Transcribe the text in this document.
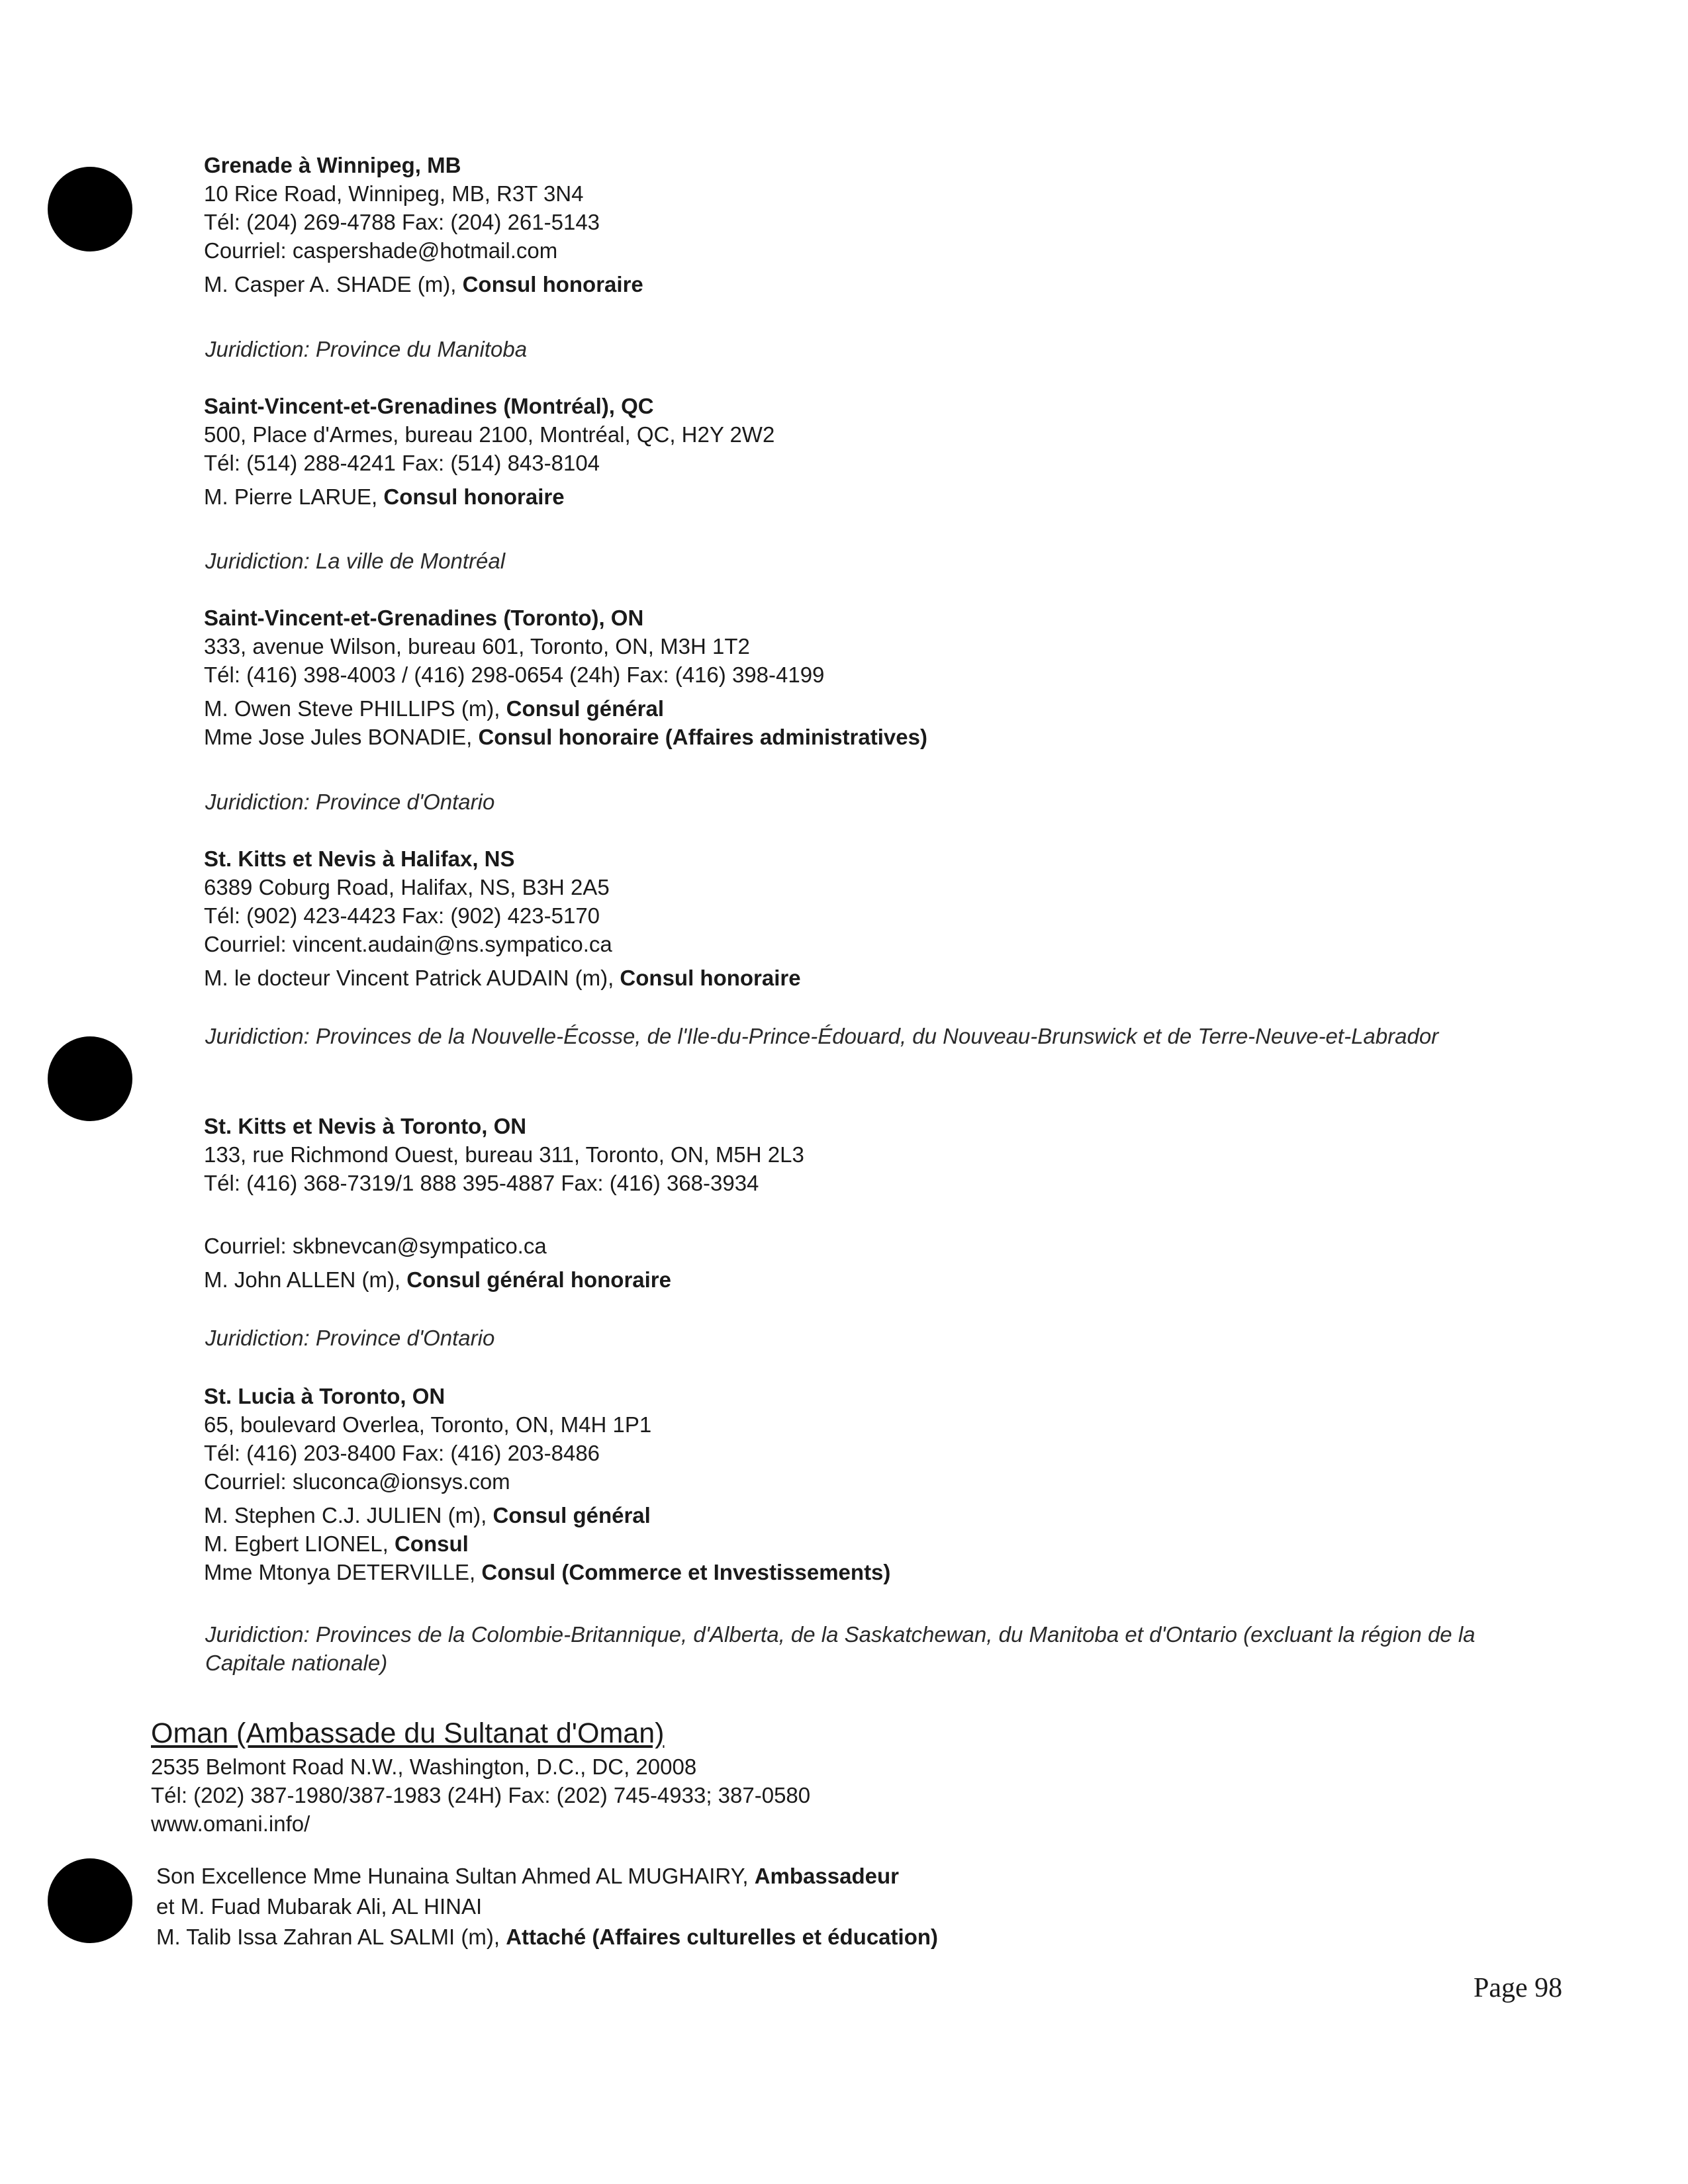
Grenade à Winnipeg, MB
10 Rice Road, Winnipeg, MB, R3T 3N4
Tél: (204) 269-4788 Fax: (204) 261-5143
Courriel: caspershade@hotmail.com
M. Casper A. SHADE (m), Consul honoraire
Juridiction: Province du Manitoba
Saint-Vincent-et-Grenadines (Montréal), QC
500, Place d'Armes, bureau 2100, Montréal, QC, H2Y 2W2
Tél: (514) 288-4241 Fax: (514) 843-8104
M. Pierre LARUE, Consul honoraire
Juridiction: La ville de Montréal
Saint-Vincent-et-Grenadines (Toronto), ON
333, avenue Wilson, bureau 601, Toronto, ON, M3H 1T2
Tél: (416) 398-4003 / (416) 298-0654 (24h) Fax: (416) 398-4199
M. Owen Steve PHILLIPS (m), Consul général
Mme Jose Jules BONADIE, Consul honoraire (Affaires administratives)
Juridiction: Province d'Ontario
St. Kitts et Nevis à Halifax, NS
6389 Coburg Road, Halifax, NS, B3H 2A5
Tél: (902) 423-4423 Fax: (902) 423-5170
Courriel: vincent.audain@ns.sympatico.ca
M. le docteur Vincent Patrick AUDAIN (m), Consul honoraire
Juridiction: Provinces de la Nouvelle-Écosse, de l'Ile-du-Prince-Édouard, du Nouveau-Brunswick et de Terre-Neuve-et-Labrador
St. Kitts et Nevis à Toronto, ON
133, rue Richmond Ouest, bureau 311, Toronto, ON, M5H 2L3
Tél: (416) 368-7319/1 888 395-4887 Fax: (416) 368-3934
Courriel: skbnevcan@sympatico.ca
M. John ALLEN (m), Consul général honoraire
Juridiction: Province d'Ontario
St. Lucia à Toronto, ON
65, boulevard Overlea, Toronto, ON, M4H 1P1
Tél: (416) 203-8400 Fax: (416) 203-8486
Courriel: sluconca@ionsys.com
M. Stephen C.J. JULIEN (m), Consul général
M. Egbert LIONEL, Consul
Mme Mtonya DETERVILLE, Consul (Commerce et Investissements)
Juridiction: Provinces de la Colombie-Britannique, d'Alberta, de la Saskatchewan, du Manitoba et d'Ontario (excluant la région de la Capitale nationale)
Oman (Ambassade du Sultanat d'Oman)
2535 Belmont Road N.W., Washington, D.C., DC, 20008
Tél: (202) 387-1980/387-1983 (24H) Fax: (202) 745-4933; 387-0580
www.omani.info/
Son Excellence Mme Hunaina Sultan Ahmed AL MUGHAIRY, Ambassadeur
et M. Fuad Mubarak Ali, AL HINAI
M. Talib Issa Zahran AL SALMI (m), Attaché (Affaires culturelles et éducation)
Page 98
